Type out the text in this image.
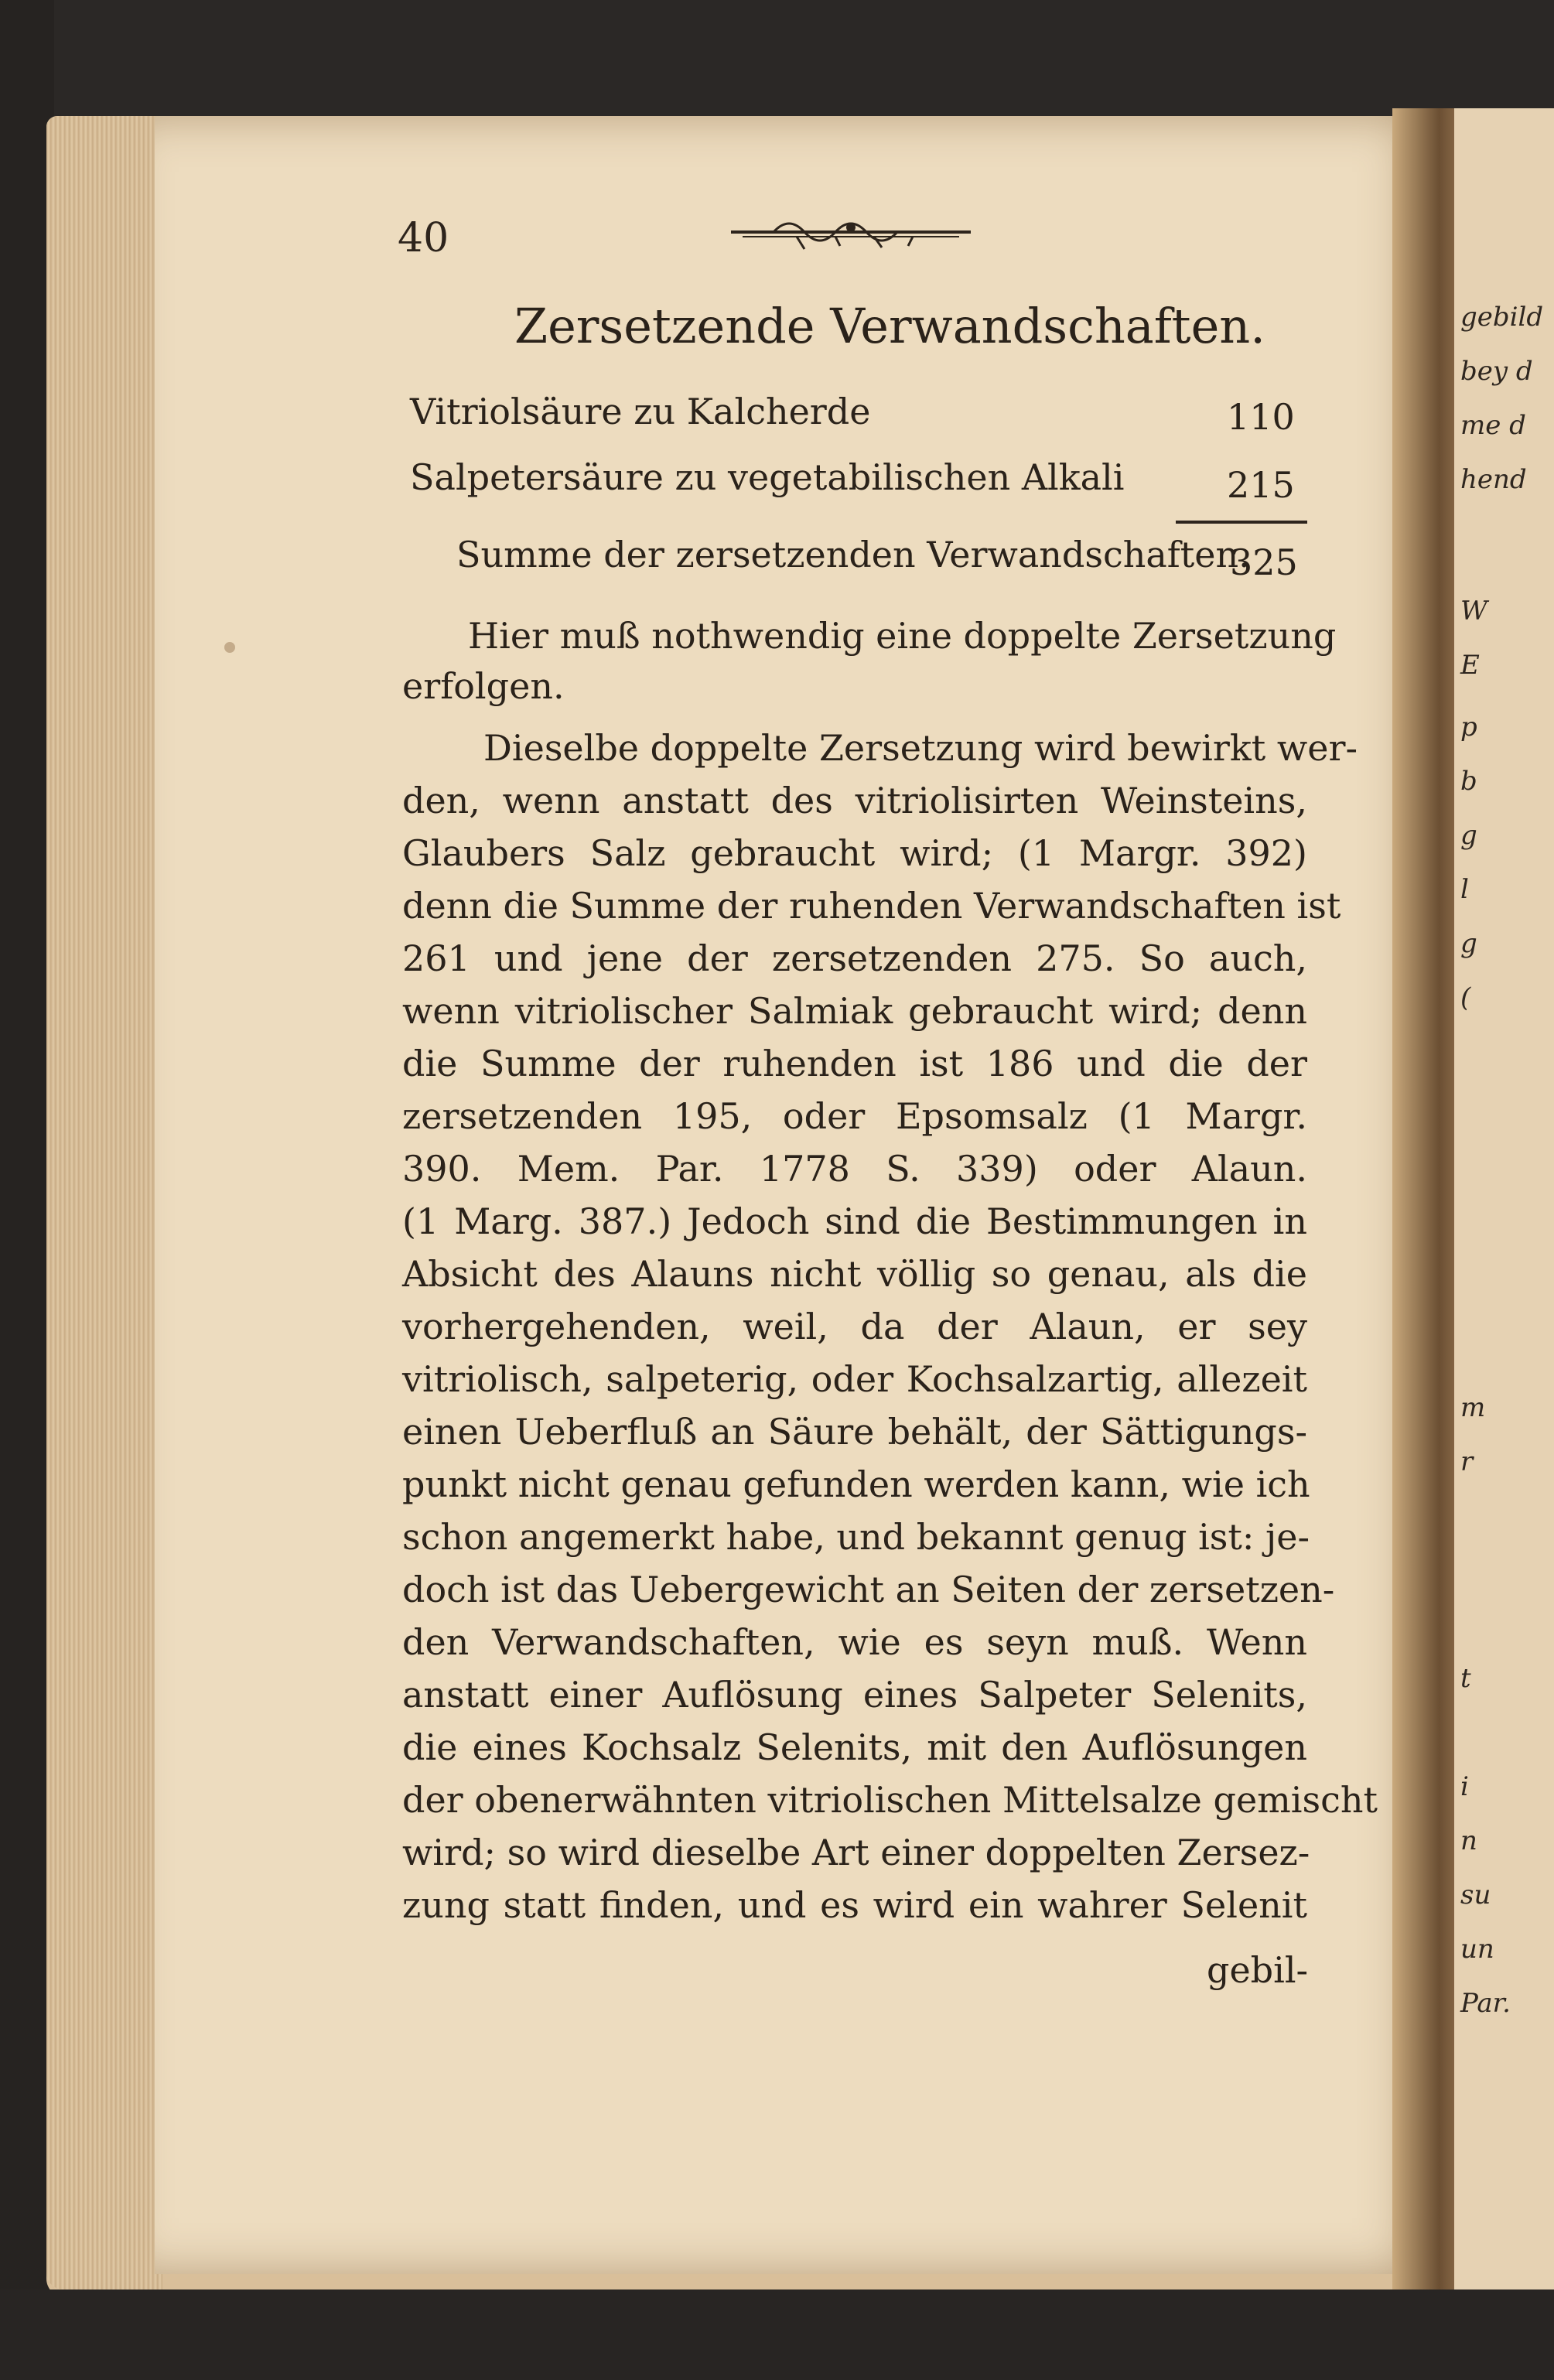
gebild
bey d
me d
hend
W
E
p
b
g
l
g
(
m
r
t
i
n
su
un
Par.
40
Zersetzende Verwandschaften.
Vitriolsäure zu Kalcherde	110
Salpetersäure zu vegetabilischen Alkali	215
Summe der zersetzenden Verwandschaften.
325
Hier muß nothwendig eine doppelte Zersetzung
erfolgen.
Dieselbe doppelte Zersetzung wird bewirkt wer-
den, wenn anstatt des vitriolisirten Weinsteins,
Glaubers Salz gebraucht wird; (1 Margr. 392)
denn die Summe der ruhenden Verwandschaften ist
261 und jene der zersetzenden 275. So auch,
wenn vitriolischer Salmiak gebraucht wird; denn
die Summe der ruhenden ist 186 und die der
zersetzenden 195, oder Epsomsalz (1 Margr.
390. Mem. Par. 1778 S. 339) oder Alaun.
(1 Marg. 387.) Jedoch sind die Bestimmungen in
Absicht des Alauns nicht völlig so genau, als die
vorhergehenden, weil, da der Alaun, er sey
vitriolisch, salpeterig, oder Kochsalzartig, allezeit
einen Ueberfluß an Säure behält, der Sättigungs-
punkt nicht genau gefunden werden kann, wie ich
schon angemerkt habe, und bekannt genug ist: je-
doch ist das Uebergewicht an Seiten der zersetzen-
den Verwandschaften, wie es seyn muß. Wenn
anstatt einer Auflösung eines Salpeter Selenits,
die eines Kochsalz Selenits, mit den Auflösungen
der obenerwähnten vitriolischen Mittelsalze gemischt
wird; so wird dieselbe Art einer doppelten Zersez-
zung statt finden, und es wird ein wahrer Selenit
gebil-
